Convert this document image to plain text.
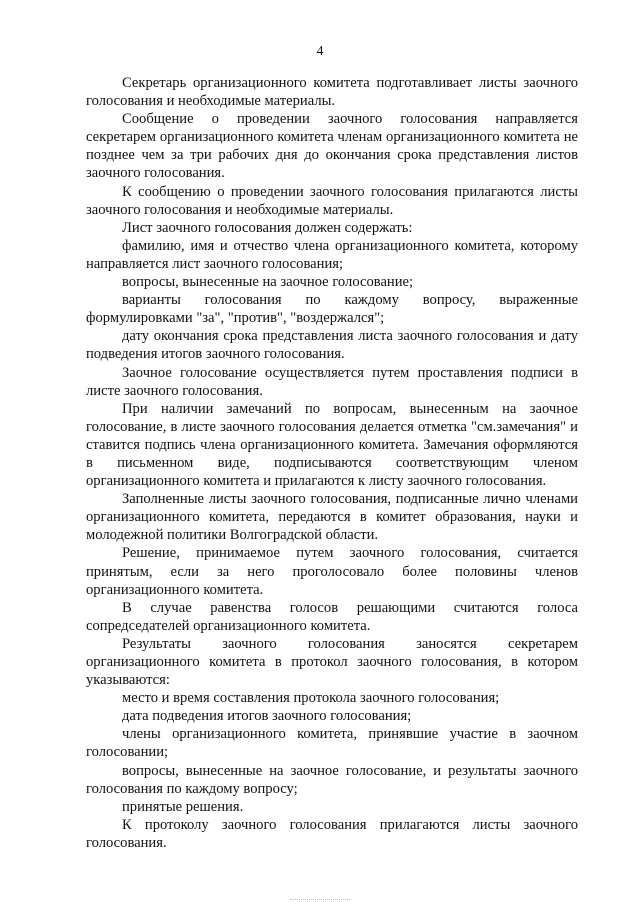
4

Секретарь организационного комитета подготавливает листы заочного голосования и необходимые материалы.

Сообщение о проведении заочного голосования направляется секретарем организационного комитета членам организационного комитета не позднее чем за три рабочих дня до окончания срока представления листов заочного голосования.

К сообщению о проведении заочного голосования прилагаются листы заочного голосования и необходимые материалы.

Лист заочного голосования должен содержать:

фамилию, имя и отчество члена организационного комитета, которому направляется лист заочного голосования;

вопросы, вынесенные на заочное голосование;

варианты голосования по каждому вопросу, выраженные формулировками "за", "против", "воздержался";

дату окончания срока представления листа заочного голосования и дату подведения итогов заочного голосования.

Заочное голосование осуществляется путем проставления подписи в листе заочного голосования.

При наличии замечаний по вопросам, вынесенным на заочное голосование, в листе заочного голосования делается отметка "см.замечания" и ставится подпись члена организационного комитета. Замечания оформляются в письменном виде, подписываются соответствующим членом организационного комитета и прилагаются к листу заочного голосования.

Заполненные листы заочного голосования, подписанные лично членами организационного комитета, передаются в комитет образования, науки и молодежной политики Волгоградской области.

Решение, принимаемое путем заочного голосования, считается принятым, если за него проголосовало более половины членов организационного комитета.

В случае равенства голосов решающими считаются голоса сопредседателей организационного комитета.

Результаты заочного голосования заносятся секретарем организационного комитета в протокол заочного голосования, в котором указываются:

место и время составления протокола заочного голосования;

дата подведения итогов заочного голосования;

члены организационного комитета, принявшие участие в заочном голосовании;

вопросы, вынесенные на заочное голосование, и результаты заочного голосования по каждому вопросу;

принятые решения.

К протоколу заочного голосования прилагаются листы заочного голосования.
